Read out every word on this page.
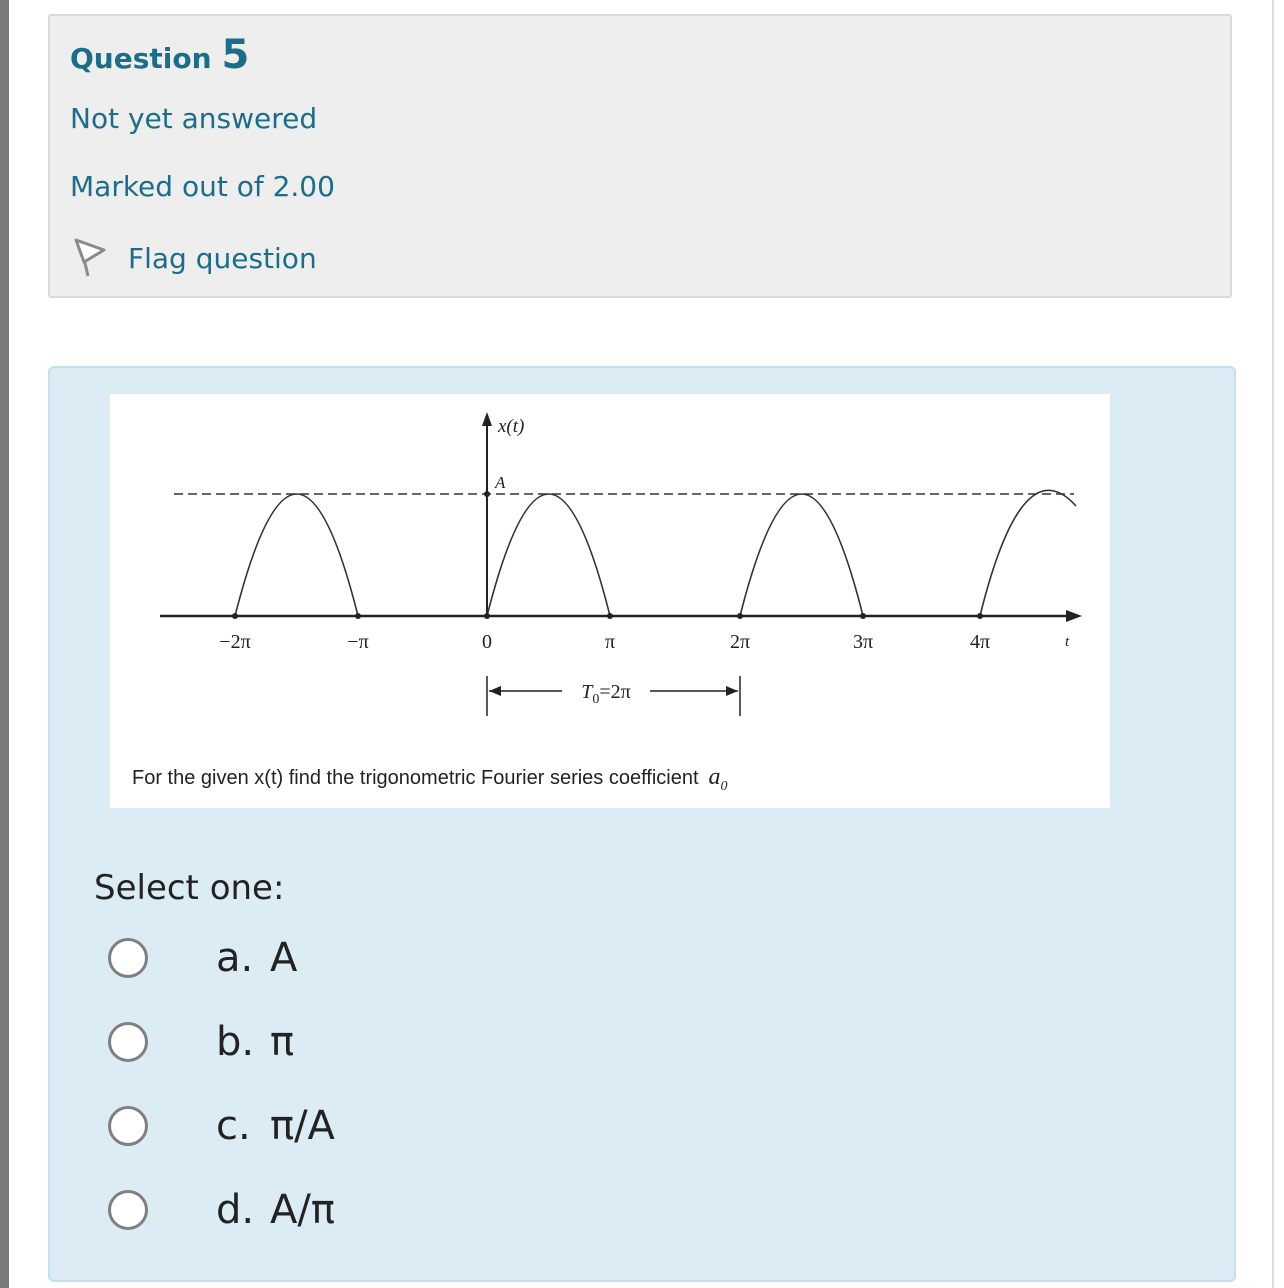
Question 5
Not yet answered
Marked out of 2.00
Flag question
x(t)
A
t
−2π	−π	0	π	2π	3π	4π
$T_0=2\pi$
For the given x(t) find the trigonometric Fourier series coefficient $a_0$
Select one:
a. A
b. π
c. π/A
d. A/π
